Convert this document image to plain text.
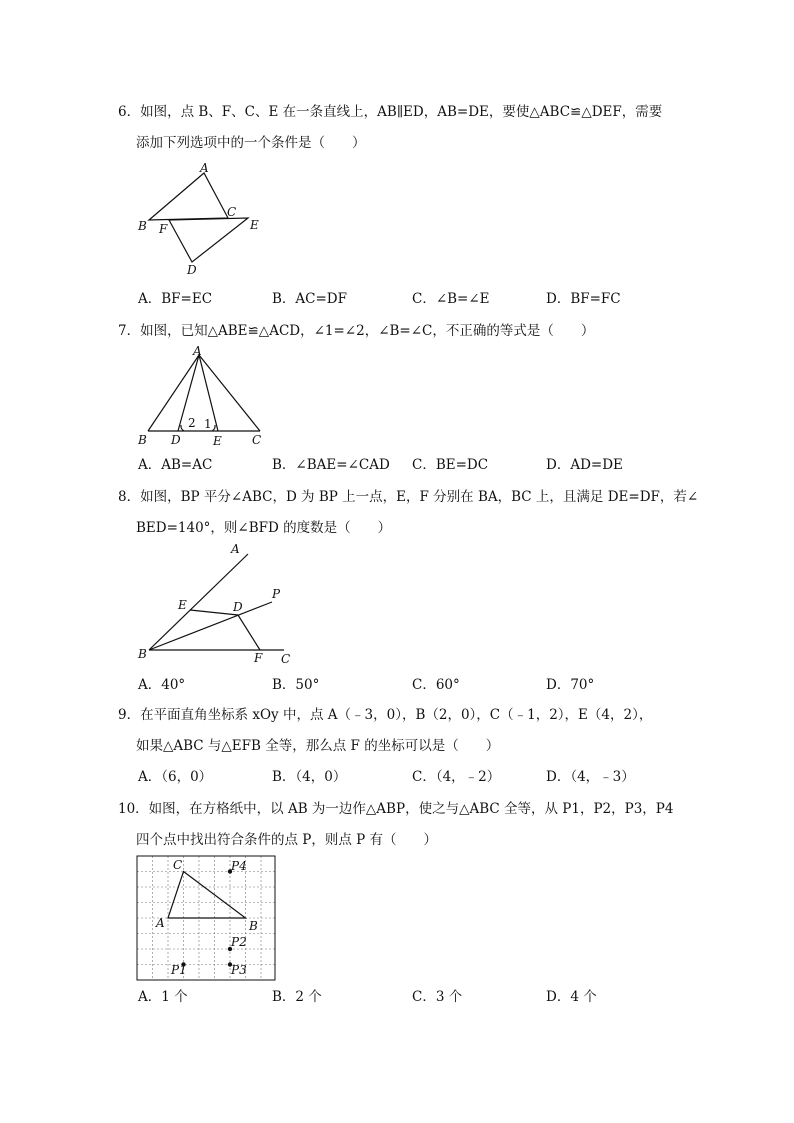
6．如图，点 B、F、C、E 在一条直线上，AB∥ED，AB=DE，要使△ABC≌△DEF，需要
添加下列选项中的一个条件是（　　）
A
B F
C
E
D
A．BF=EC	B．AC=DF	C．∠B=∠E	D．BF=FC
7．如图，已知△ABE≌△ACD，∠1=∠2，∠B=∠C，不正确的等式是（　　）
A
B D	E	C
2 1
A．AB=AC	B．∠BAE=∠CAD C．BE=DC	D．AD=DE
8．如图，BP 平分∠ABC，D 为 BP 上一点，E，F 分别在 BA，BC 上，且满足 DE=DF，若∠
BED=140°，则∠BFD 的度数是（　　）
A
P
E	D
B	F C
A．40°	B．50°	C．60°	D．70°
9．在平面直角坐标系 xOy 中，点 A（﹣3，0），B（2，0），C（﹣1，2），E（4，2），
如果△ABC 与△EFB 全等，那么点 F 的坐标可以是（　　）
A．（6，0）	B．（4，0）	C．（4，﹣2）	D．（4，﹣3）
10．如图，在方格纸中，以 AB 为一边作△ABP，使之与△ABC 全等，从 P1，P2，P3，P4
四个点中找出符合条件的点 P，则点 P 有（　　）
C
A	B
P4
P2
P1	P3
A．1 个	B．2 个	C．3 个	D．4 个
